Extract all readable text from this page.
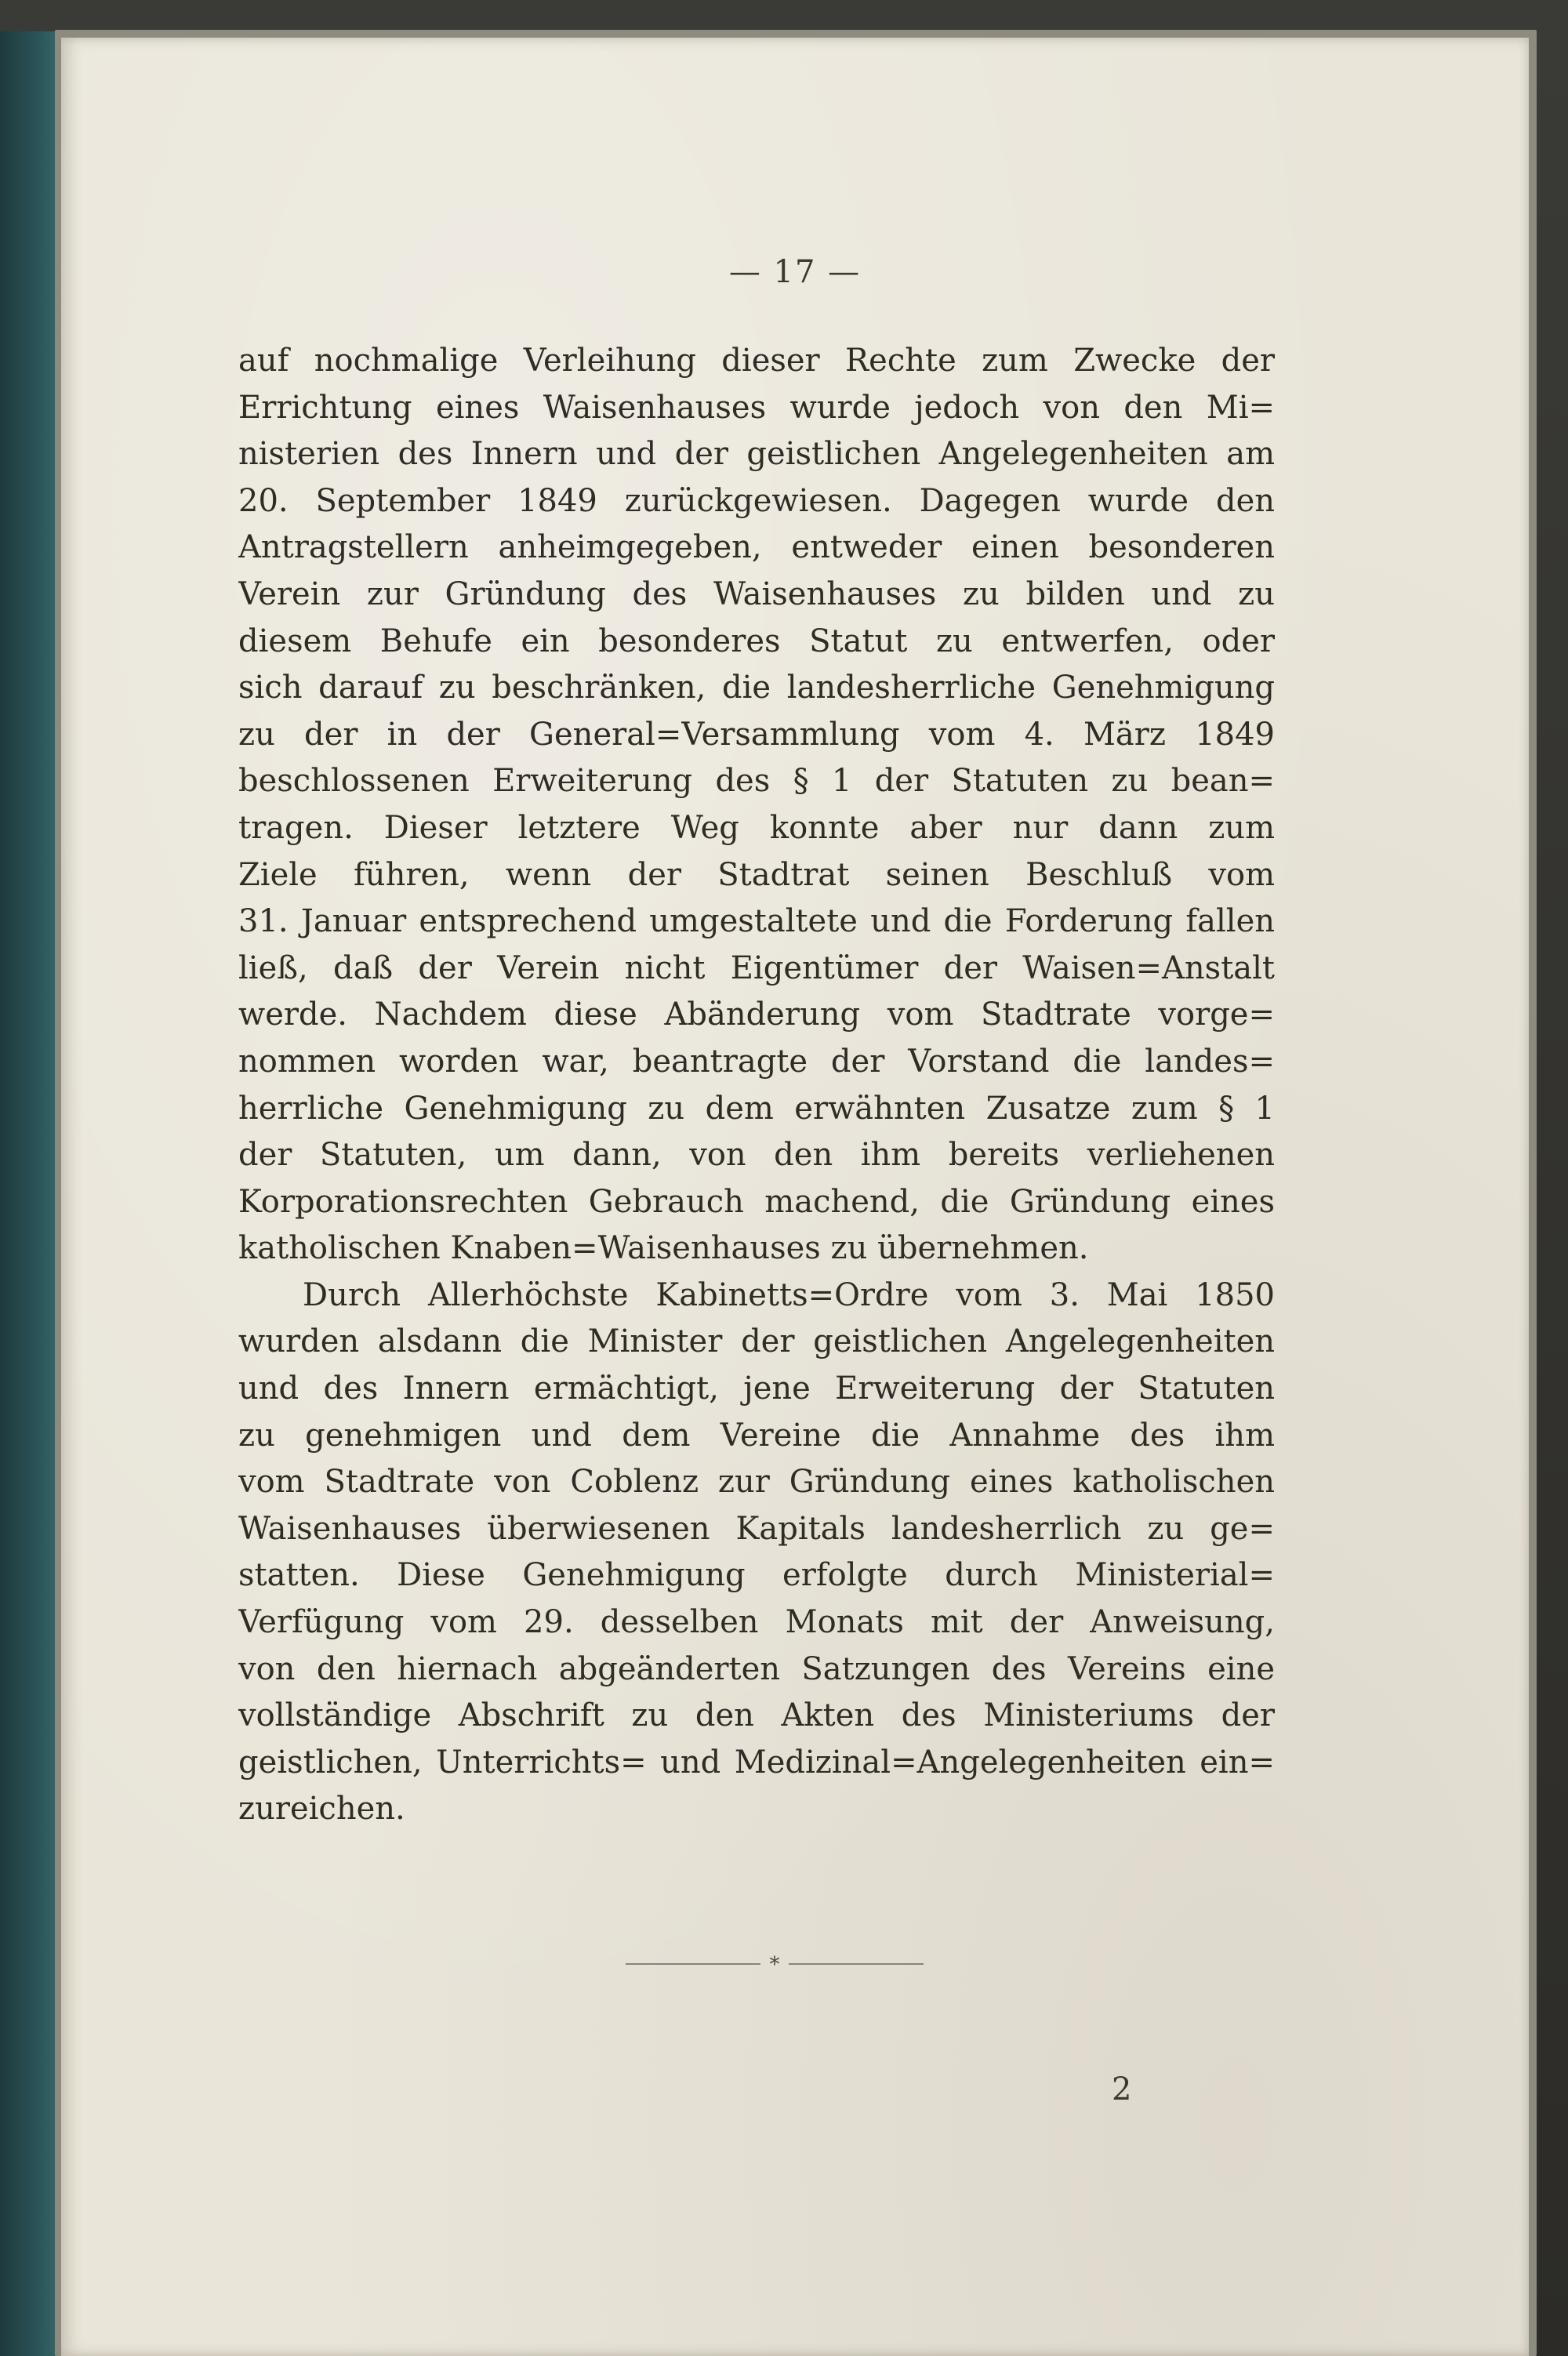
— 17 —
auf nochmalige Verleihung dieser Rechte zum Zwecke der
Errichtung eines Waisenhauses wurde jedoch von den Mi=
nisterien des Innern und der geistlichen Angelegenheiten am
20. September 1849 zurückgewiesen. Dagegen wurde den
Antragstellern anheimgegeben, entweder einen besonderen
Verein zur Gründung des Waisenhauses zu bilden und zu
diesem Behufe ein besonderes Statut zu entwerfen, oder
sich darauf zu beschränken, die landesherrliche Genehmigung
zu der in der General=Versammlung vom 4. März 1849
beschlossenen Erweiterung des § 1 der Statuten zu bean=
tragen. Dieser letztere Weg konnte aber nur dann zum
Ziele führen, wenn der Stadtrat seinen Beschluß vom
31. Januar entsprechend umgestaltete und die Forderung fallen
ließ, daß der Verein nicht Eigentümer der Waisen=Anstalt
werde. Nachdem diese Abänderung vom Stadtrate vorge=
nommen worden war, beantragte der Vorstand die landes=
herrliche Genehmigung zu dem erwähnten Zusatze zum § 1
der Statuten, um dann, von den ihm bereits verliehenen
Korporationsrechten Gebrauch machend, die Gründung eines
katholischen Knaben=Waisenhauses zu übernehmen.
Durch Allerhöchste Kabinetts=Ordre vom 3. Mai 1850
wurden alsdann die Minister der geistlichen Angelegenheiten
und des Innern ermächtigt, jene Erweiterung der Statuten
zu genehmigen und dem Vereine die Annahme des ihm
vom Stadtrate von Coblenz zur Gründung eines katholischen
Waisenhauses überwiesenen Kapitals landesherrlich zu ge=
statten. Diese Genehmigung erfolgte durch Ministerial=
Verfügung vom 29. desselben Monats mit der Anweisung,
von den hiernach abgeänderten Satzungen des Vereins eine
vollständige Abschrift zu den Akten des Ministeriums der
geistlichen, Unterrichts= und Medizinal=Angelegenheiten ein=
zureichen.
*
2
